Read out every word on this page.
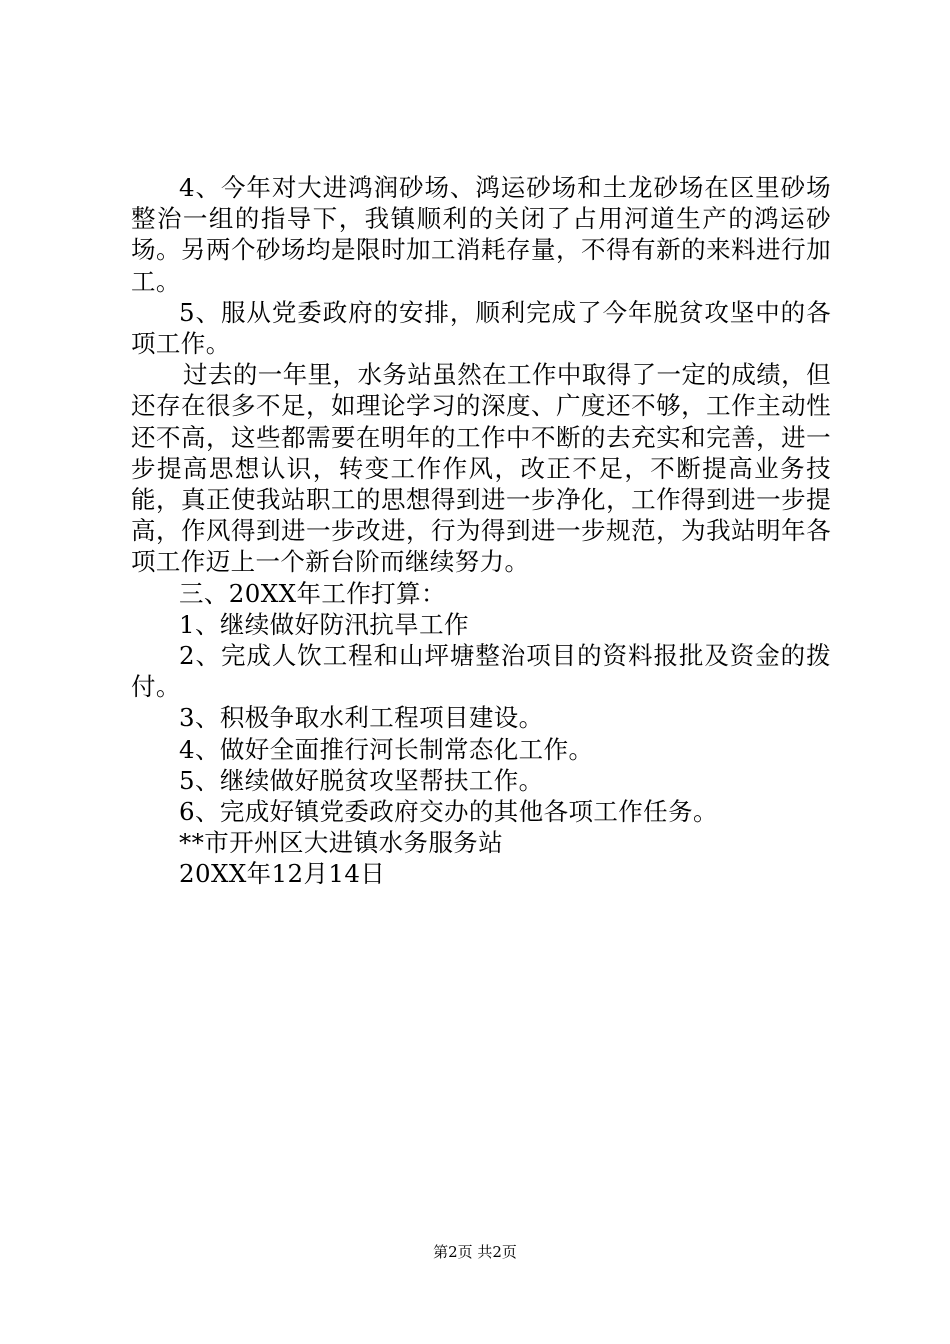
4、今年对大进鸿润砂场、鸿运砂场和土龙砂场在区里砂场整治一组的指导下，我镇顺利的关闭了占用河道生产的鸿运砂场。另两个砂场均是限时加工消耗存量，不得有新的来料进行加工。

5、服从党委政府的安排，顺利完成了今年脱贫攻坚中的各项工作。

过去的一年里，水务站虽然在工作中取得了一定的成绩，但还存在很多不足，如理论学习的深度、广度还不够，工作主动性还不高，这些都需要在明年的工作中不断的去充实和完善，进一步提高思想认识，转变工作作风，改正不足，不断提高业务技能，真正使我站职工的思想得到进一步净化，工作得到进一步提高，作风得到进一步改进，行为得到进一步规范，为我站明年各项工作迈上一个新台阶而继续努力。

三、20XX年工作打算：

1、继续做好防汛抗旱工作

2、完成人饮工程和山坪塘整治项目的资料报批及资金的拨付。

3、积极争取水利工程项目建设。

4、做好全面推行河长制常态化工作。

5、继续做好脱贫攻坚帮扶工作。

6、完成好镇党委政府交办的其他各项工作任务。

**市开州区大进镇水务服务站

20XX年12月14日

第2页 共2页
